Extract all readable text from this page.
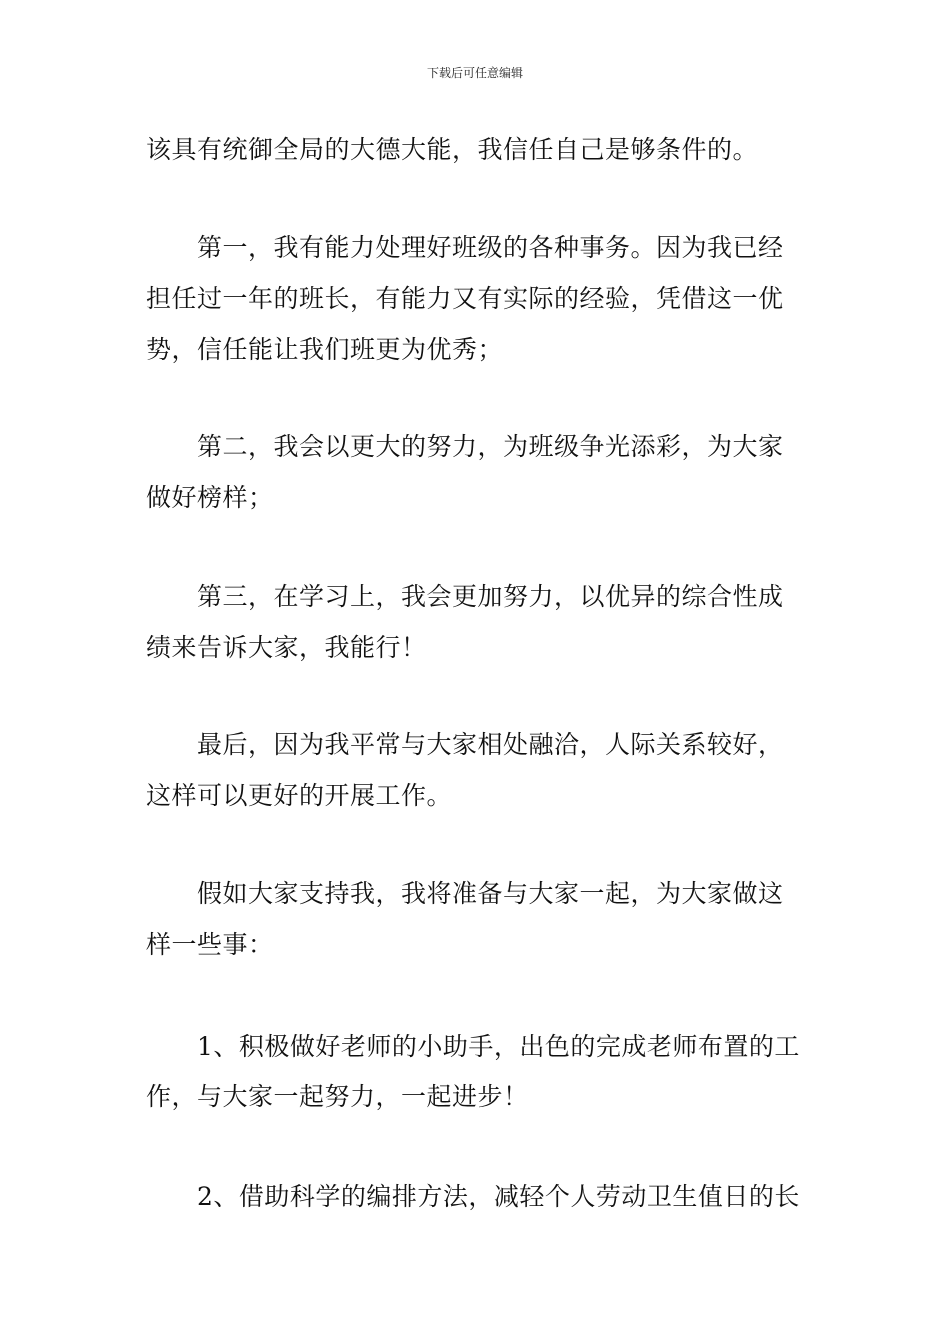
下载后可任意编辑
该具有统御全局的大德大能，我信任自己是够条件的。
第一，我有能力处理好班级的各种事务。因为我已经
担任过一年的班长，有能力又有实际的经验，凭借这一优
势，信任能让我们班更为优秀；
第二，我会以更大的努力，为班级争光添彩，为大家
做好榜样；
第三，在学习上，我会更加努力，以优异的综合性成
绩来告诉大家，我能行！
最后，因为我平常与大家相处融洽，人际关系较好，
这样可以更好的开展工作。
假如大家支持我，我将准备与大家一起，为大家做这
样一些事：
1、积极做好老师的小助手，出色的完成老师布置的工
作，与大家一起努力，一起进步！
2、借助科学的编排方法，减轻个人劳动卫生值日的长
